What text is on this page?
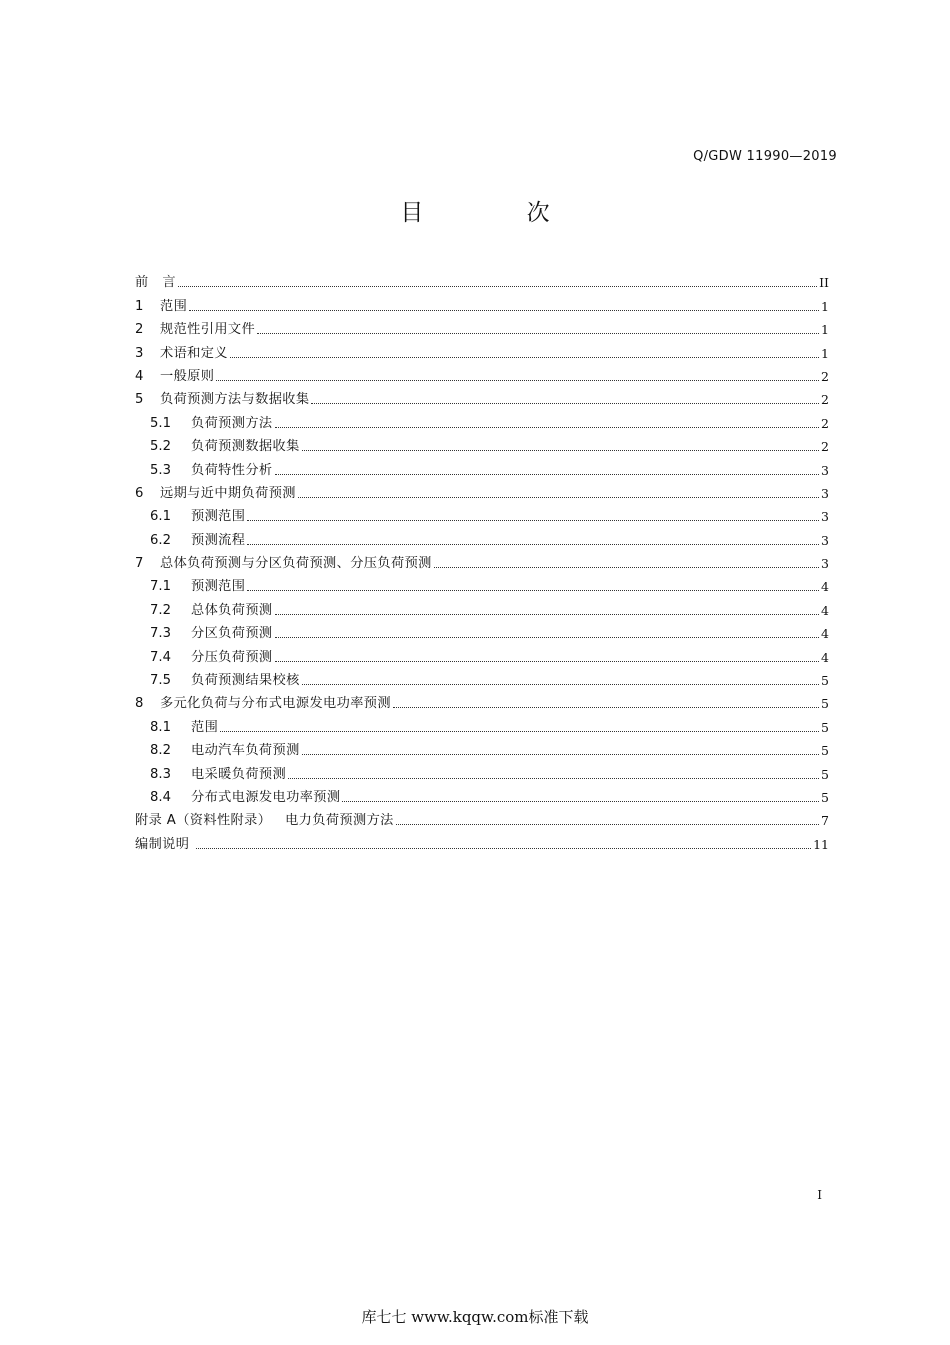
Q/GDW 11990—2019
目 次
前   言	II
1	范围	1
2	规范性引用文件	1
3	术语和定义	1
4	一般原则	2
5	负荷预测方法与数据收集	2
5.1	负荷预测方法	2
5.2	负荷预测数据收集	2
5.3	负荷特性分析	3
6	远期与近中期负荷预测	3
6.1	预测范围	3
6.2	预测流程	3
7	总体负荷预测与分区负荷预测、分压负荷预测	3
7.1	预测范围	4
7.2	总体负荷预测	4
7.3	分区负荷预测	4
7.4	分压负荷预测	4
7.5	负荷预测结果校核	5
8	多元化负荷与分布式电源发电功率预测	5
8.1	范围	5
8.2	电动汽车负荷预测	5
8.3	电采暖负荷预测	5
8.4	分布式电源发电功率预测	5
附录 A（资料性附录）   电力负荷预测方法	7
编制说明	11
I
库七七 www.kqqw.com标准下载
